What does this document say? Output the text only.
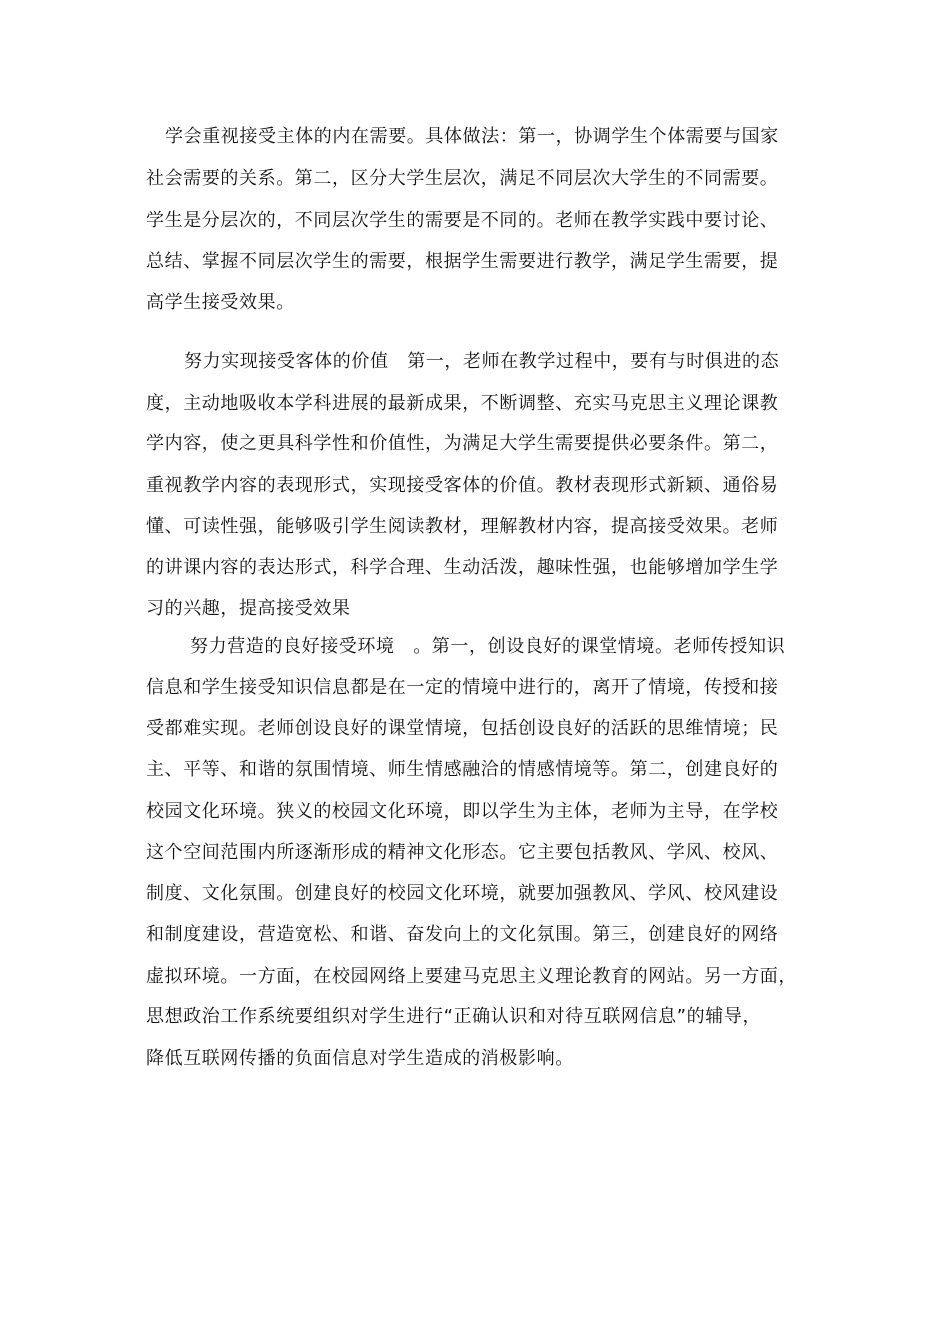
学会重视接受主体的内在需要。具体做法：第一，协调学生个体需要与国家
社会需要的关系。第二，区分大学生层次，满足不同层次大学生的不同需要。
学生是分层次的，不同层次学生的需要是不同的。老师在教学实践中要讨论、
总结、掌握不同层次学生的需要，根据学生需要进行教学，满足学生需要，提
高学生接受效果。
努力实现接受客体的价值　第一，老师在教学过程中，要有与时俱进的态
度，主动地吸收本学科进展的最新成果，不断调整、充实马克思主义理论课教
学内容，使之更具科学性和价值性，为满足大学生需要提供必要条件。第二，
重视教学内容的表现形式，实现接受客体的价值。教材表现形式新颖、通俗易
懂、可读性强，能够吸引学生阅读教材，理解教材内容，提高接受效果。老师
的讲课内容的表达形式，科学合理、生动活泼，趣味性强，也能够增加学生学
习的兴趣，提高接受效果
努力营造的良好接受环境　。第一，创设良好的课堂情境。老师传授知识
信息和学生接受知识信息都是在一定的情境中进行的，离开了情境，传授和接
受都难实现。老师创设良好的课堂情境，包括创设良好的活跃的思维情境；民
主、平等、和谐的氛围情境、师生情感融洽的情感情境等。第二，创建良好的
校园文化环境。狭义的校园文化环境，即以学生为主体，老师为主导，在学校
这个空间范围内所逐渐形成的精神文化形态。它主要包括教风、学风、校风、
制度、文化氛围。创建良好的校园文化环境，就要加强教风、学风、校风建设
和制度建设，营造宽松、和谐、奋发向上的文化氛围。第三，创建良好的网络
虚拟环境。一方面，在校园网络上要建马克思主义理论教育的网站。另一方面，
思想政治工作系统要组织对学生进行“正确认识和对待互联网信息”的辅导，
降低互联网传播的负面信息对学生造成的消极影响。
